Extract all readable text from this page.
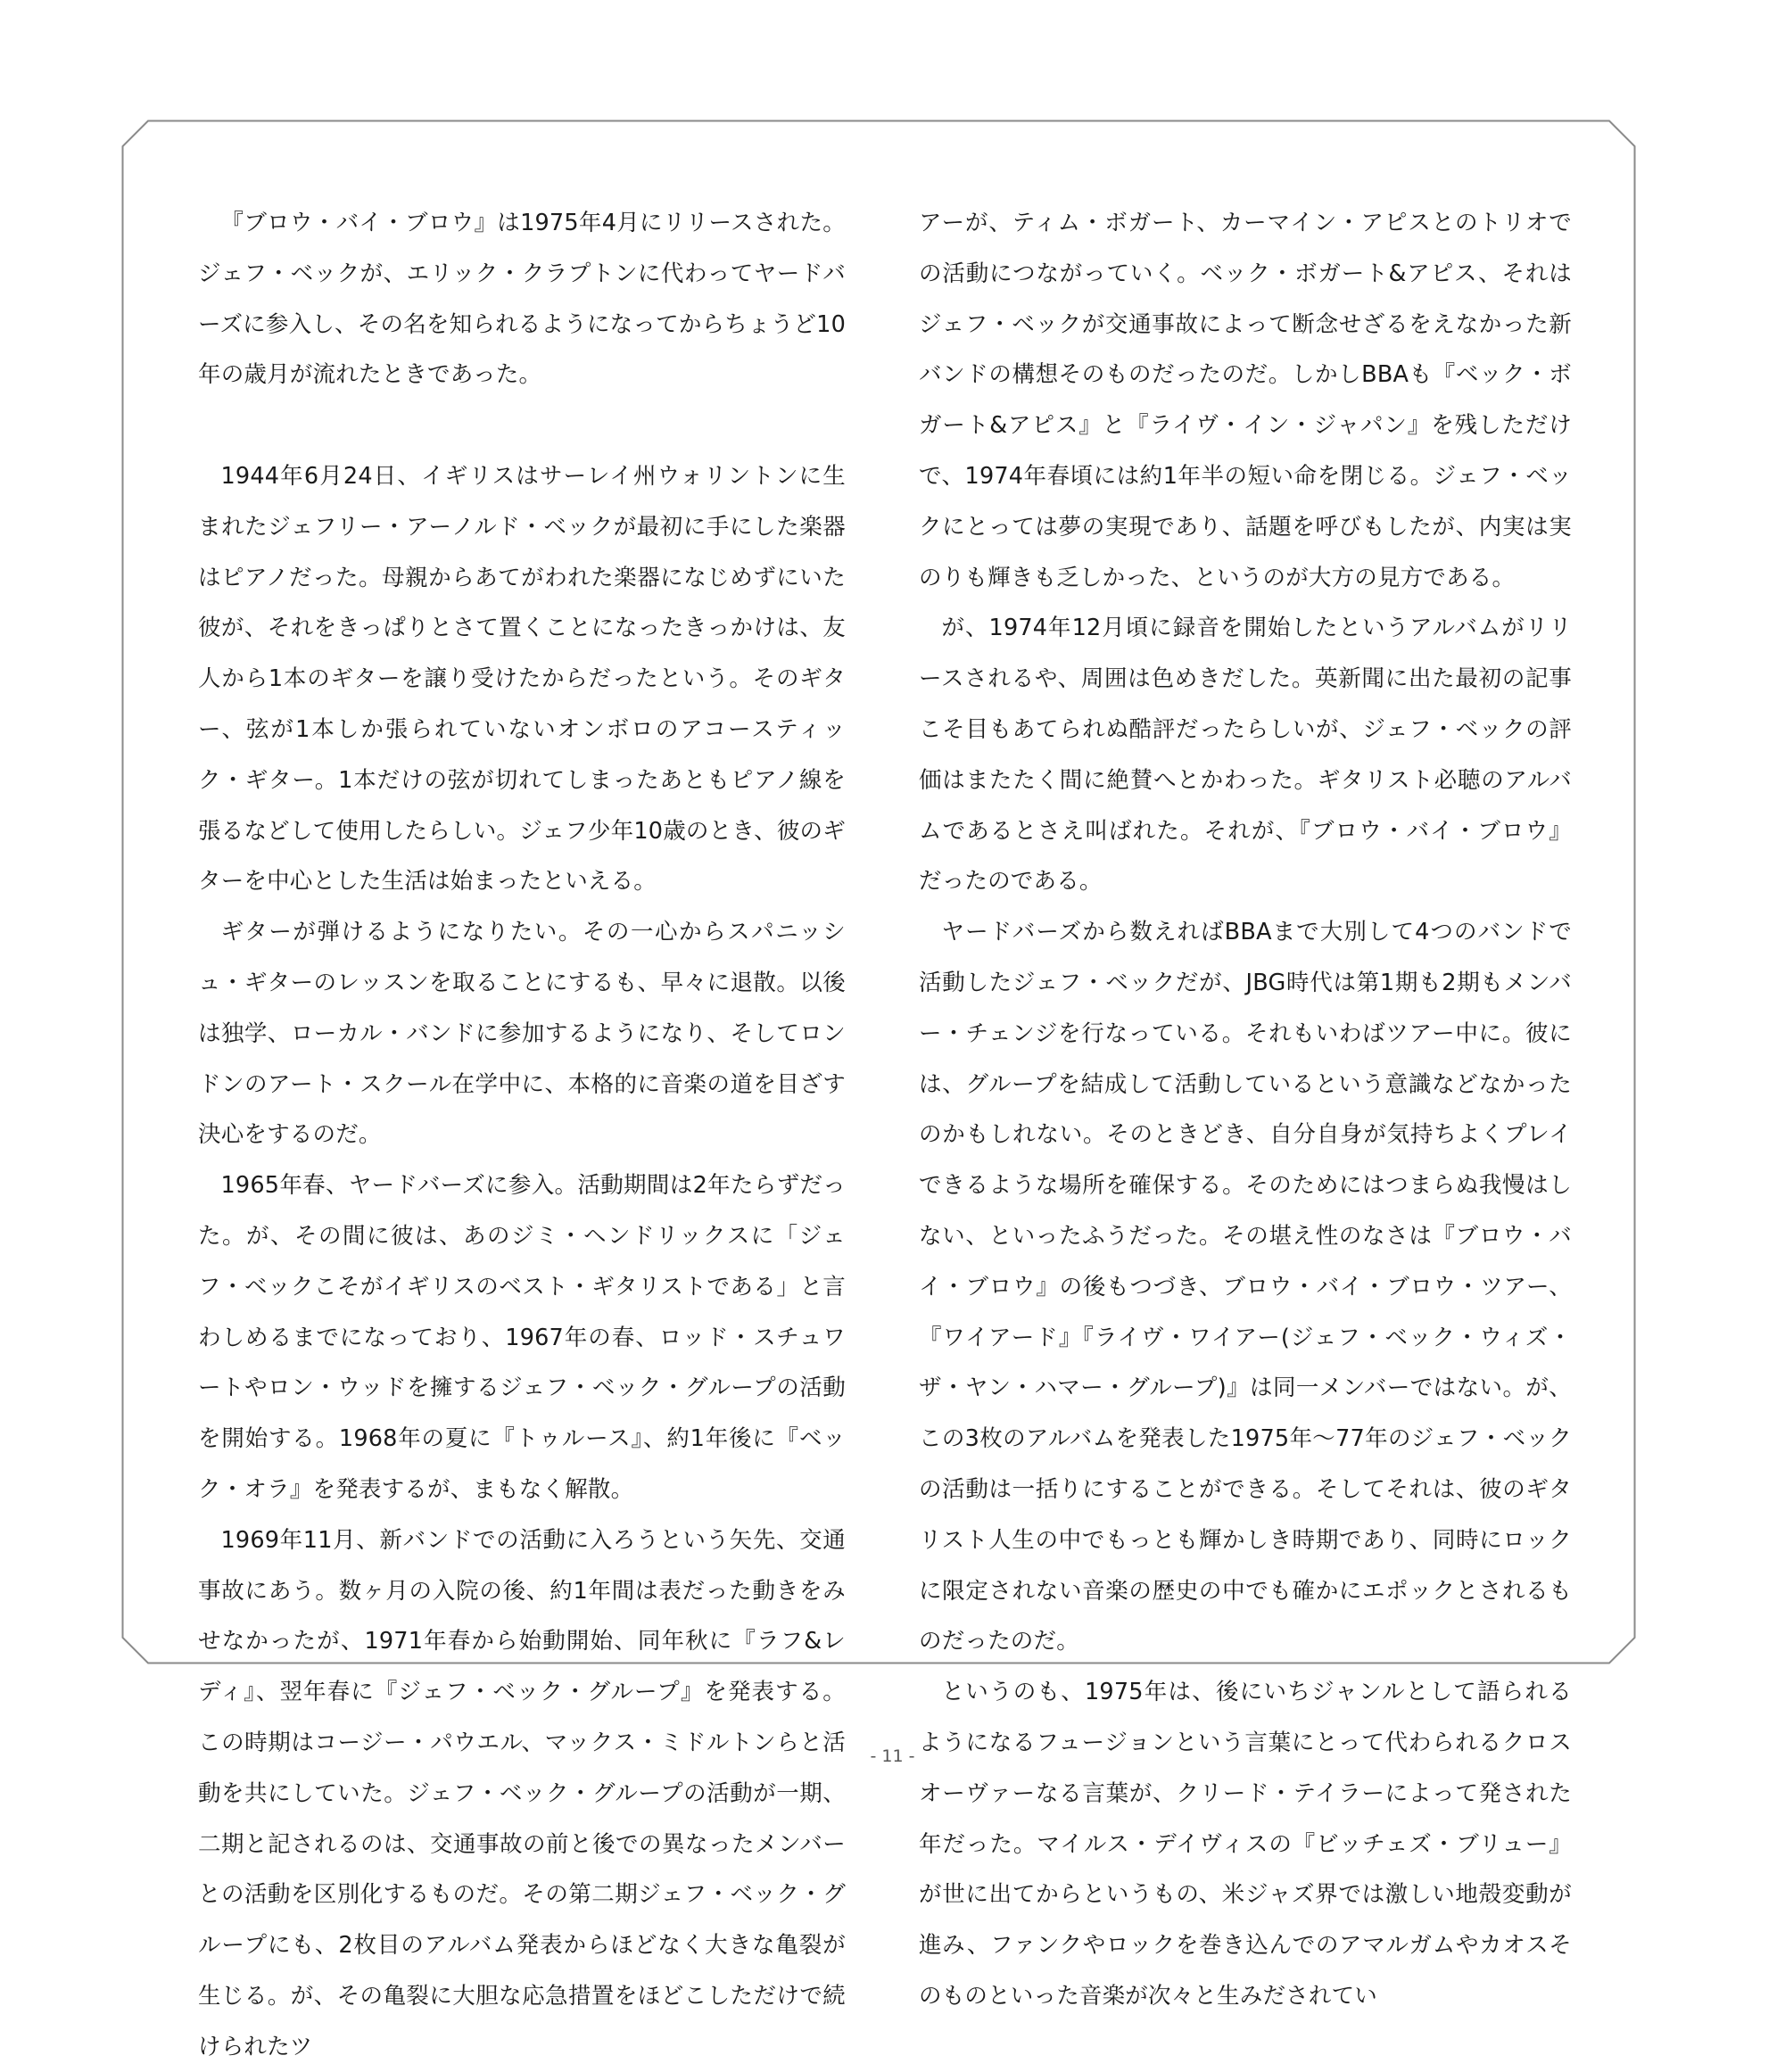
『ブロウ・バイ・ブロウ』は1975年4月にリリースされた。ジェフ・ベックが、エリック・クラプトンに代わってヤードバーズに参入し、その名を知られるようになってからちょうど10年の歳月が流れたときであった。

1944年6月24日、イギリスはサーレイ州ウォリントンに生まれたジェフリー・アーノルド・ベックが最初に手にした楽器はピアノだった。母親からあてがわれた楽器になじめずにいた彼が、それをきっぱりとさて置くことになったきっかけは、友人から1本のギターを譲り受けたからだったという。そのギター、弦が1本しか張られていないオンボロのアコースティック・ギター。1本だけの弦が切れてしまったあともピアノ線を張るなどして使用したらしい。ジェフ少年10歳のとき、彼のギターを中心とした生活は始まったといえる。

ギターが弾けるようになりたい。その一心からスパニッシュ・ギターのレッスンを取ることにするも、早々に退散。以後は独学、ローカル・バンドに参加するようになり、そしてロンドンのアート・スクール在学中に、本格的に音楽の道を目ざす決心をするのだ。

1965年春、ヤードバーズに参入。活動期間は2年たらずだった。が、その間に彼は、あのジミ・ヘンドリックスに「ジェフ・ベックこそがイギリスのベスト・ギタリストである」と言わしめるまでになっており、1967年の春、ロッド・スチュワートやロン・ウッドを擁するジェフ・ベック・グループの活動を開始する。1968年の夏に『トゥルース』、約1年後に『ベック・オラ』を発表するが、まもなく解散。

1969年11月、新バンドでの活動に入ろうという矢先、交通事故にあう。数ヶ月の入院の後、約1年間は表だった動きをみせなかったが、1971年春から始動開始、同年秋に『ラフ&レディ』、翌年春に『ジェフ・ベック・グループ』を発表する。この時期はコージー・パウエル、マックス・ミドルトンらと活動を共にしていた。ジェフ・ベック・グループの活動が一期、二期と記されるのは、交通事故の前と後での異なったメンバーとの活動を区別化するものだ。その第二期ジェフ・ベック・グループにも、2枚目のアルバム発表からほどなく大きな亀裂が生じる。が、その亀裂に大胆な応急措置をほどこしただけで続けられたツ

アーが、ティム・ボガート、カーマイン・アピスとのトリオでの活動につながっていく。ベック・ボガート&アピス、それはジェフ・ベックが交通事故によって断念せざるをえなかった新バンドの構想そのものだったのだ。しかしBBAも『ベック・ボガート&アピス』と『ライヴ・イン・ジャパン』を残しただけで、1974年春頃には約1年半の短い命を閉じる。ジェフ・ベックにとっては夢の実現であり、話題を呼びもしたが、内実は実のりも輝きも乏しかった、というのが大方の見方である。

が、1974年12月頃に録音を開始したというアルバムがリリースされるや、周囲は色めきだした。英新聞に出た最初の記事こそ目もあてられぬ酷評だったらしいが、ジェフ・ベックの評価はまたたく間に絶賛へとかわった。ギタリスト必聴のアルバムであるとさえ叫ばれた。それが、『ブロウ・バイ・ブロウ』だったのである。

ヤードバーズから数えればBBAまで大別して4つのバンドで活動したジェフ・ベックだが、JBG時代は第1期も2期もメンバー・チェンジを行なっている。それもいわばツアー中に。彼には、グループを結成して活動しているという意識などなかったのかもしれない。そのときどき、自分自身が気持ちよくプレイできるような場所を確保する。そのためにはつまらぬ我慢はしない、といったふうだった。その堪え性のなさは『ブロウ・バイ・ブロウ』の後もつづき、ブロウ・バイ・ブロウ・ツアー、『ワイアード』『ライヴ・ワイアー(ジェフ・ベック・ウィズ・ザ・ヤン・ハマー・グループ)』は同一メンバーではない。が、この3枚のアルバムを発表した1975年〜77年のジェフ・ベックの活動は一括りにすることができる。そしてそれは、彼のギタリスト人生の中でもっとも輝かしき時期であり、同時にロックに限定されない音楽の歴史の中でも確かにエポックとされるものだったのだ。

というのも、1975年は、後にいちジャンルとして語られるようになるフュージョンという言葉にとって代わられるクロスオーヴァーなる言葉が、クリード・テイラーによって発された年だった。マイルス・デイヴィスの『ビッチェズ・ブリュー』が世に出てからというもの、米ジャズ界では激しい地殻変動が進み、ファンクやロックを巻き込んでのアマルガムやカオスそのものといった音楽が次々と生みだされてい

- 11 -
